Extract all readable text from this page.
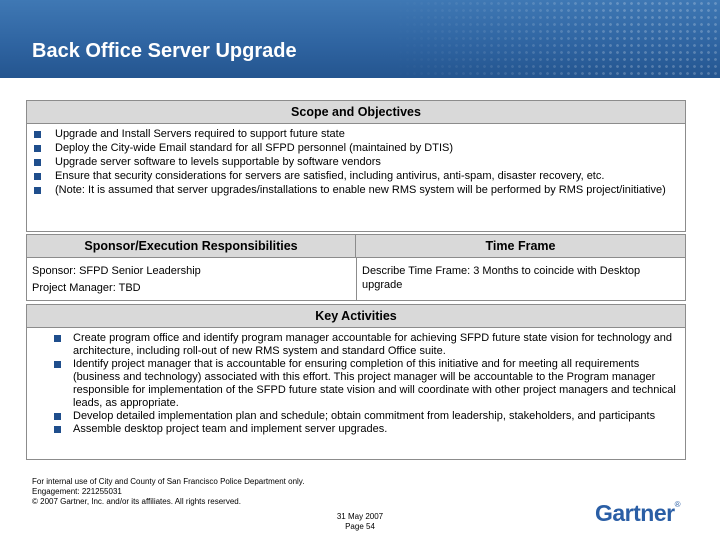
Back Office Server Upgrade
Scope and Objectives
Upgrade and Install Servers required to support future state
Deploy the City-wide Email standard for all SFPD personnel (maintained by DTIS)
Upgrade server software to levels supportable by software vendors
Ensure that security considerations for servers are satisfied, including antivirus, anti-spam, disaster recovery, etc.
(Note: It is assumed that server upgrades/installations to enable new RMS system will be performed by RMS project/initiative)
Sponsor/Execution Responsibilities	Time Frame
Sponsor: SFPD Senior Leadership
Project Manager: TBD
Describe Time Frame: 3 Months to coincide with Desktop upgrade
Key Activities
Create program office and identify program manager accountable for achieving SFPD future state vision for technology and architecture, including roll-out of new RMS system and standard Office suite.
Identify project manager that is accountable for ensuring completion of this initiative and for meeting all requirements (business and technology) associated with this effort. This project manager will be accountable to the Program manager responsible for implementation of the SFPD future state vision and will coordinate with other project managers and technical leads, as appropriate.
Develop detailed implementation plan and schedule; obtain commitment from leadership, stakeholders, and participants
Assemble desktop project team and implement server upgrades.
For internal use of City and County of San Francisco Police Department only.
Engagement: 221255031
© 2007 Gartner, Inc. and/or its affiliates. All rights reserved.
31 May 2007
Page 54
Gartner®
